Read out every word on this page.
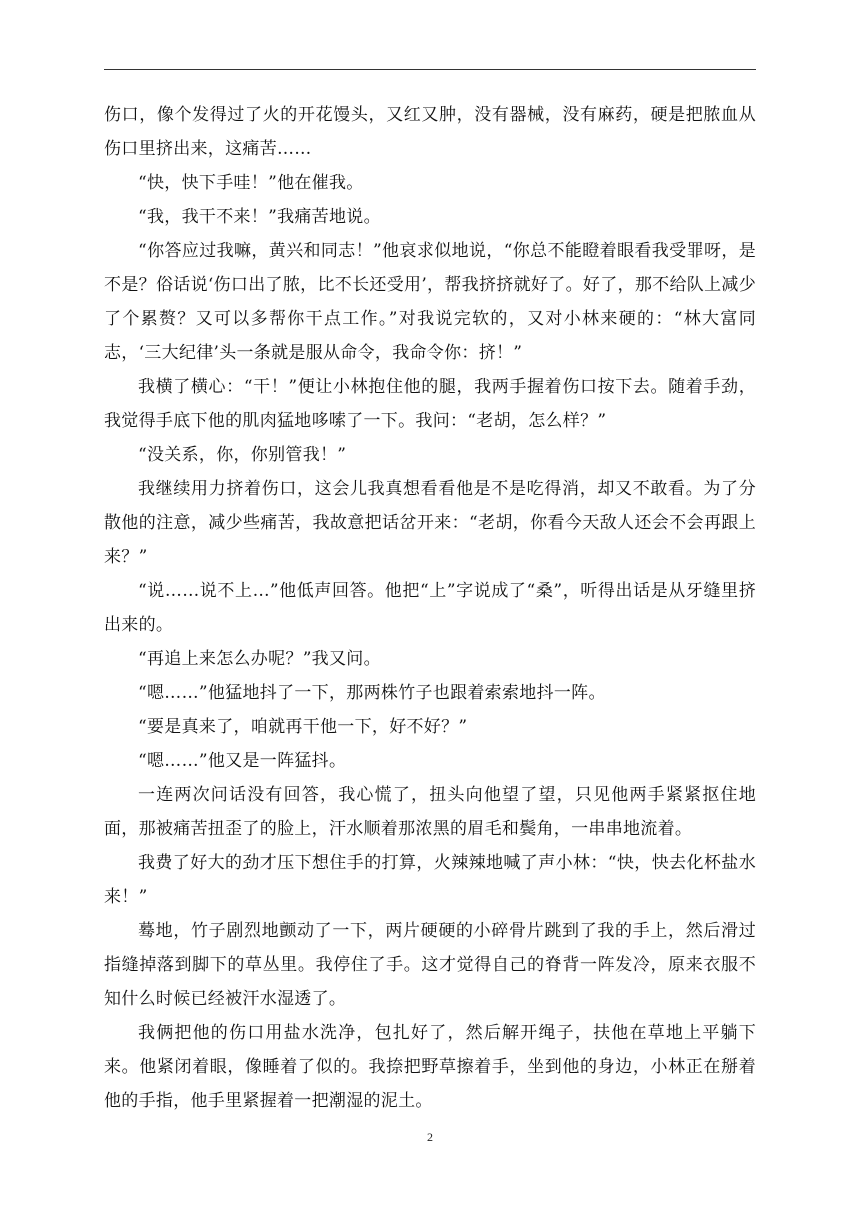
伤口，像个发得过了火的开花馒头，又红又肿，没有器械，没有麻药，硬是把脓血从伤口里挤出来，这痛苦……

“快，快下手哇！”他在催我。

“我，我干不来！”我痛苦地说。

“你答应过我嘛，黄兴和同志！”他哀求似地说，“你总不能瞪着眼看我受罪呀，是不是？俗话说‘伤口出了脓，比不长还受用’，帮我挤挤就好了。好了，那不给队上减少了个累赘？又可以多帮你干点工作。”对我说完软的，又对小林来硬的：“林大富同志，‘三大纪律’头一条就是服从命令，我命令你：挤！”

我横了横心：“干！”便让小林抱住他的腿，我两手握着伤口按下去。随着手劲，我觉得手底下他的肌肉猛地哆嗦了一下。我问：“老胡，怎么样？”

“没关系，你，你别管我！”

我继续用力挤着伤口，这会儿我真想看看他是不是吃得消，却又不敢看。为了分散他的注意，减少些痛苦，我故意把话岔开来：“老胡，你看今天敌人还会不会再跟上来？”

“说……说不上…”他低声回答。他把“上”字说成了“桑”，听得出话是从牙缝里挤出来的。

“再追上来怎么办呢？”我又问。

“嗯……”他猛地抖了一下，那两株竹子也跟着索索地抖一阵。

“要是真来了，咱就再干他一下，好不好？”

“嗯……”他又是一阵猛抖。

一连两次问话没有回答，我心慌了，扭头向他望了望，只见他两手紧紧抠住地面，那被痛苦扭歪了的脸上，汗水顺着那浓黑的眉毛和鬓角，一串串地流着。

我费了好大的劲才压下想住手的打算，火辣辣地喊了声小林：“快，快去化杯盐水来！”

蓦地，竹子剧烈地颤动了一下，两片硬硬的小碎骨片跳到了我的手上，然后滑过指缝掉落到脚下的草丛里。我停住了手。这才觉得自己的脊背一阵发冷，原来衣服不知什么时候已经被汗水湿透了。

我俩把他的伤口用盐水洗净，包扎好了，然后解开绳子，扶他在草地上平躺下来。他紧闭着眼，像睡着了似的。我捺把野草擦着手，坐到他的身边，小林正在掰着他的手指，他手里紧握着一把潮湿的泥土。

2
